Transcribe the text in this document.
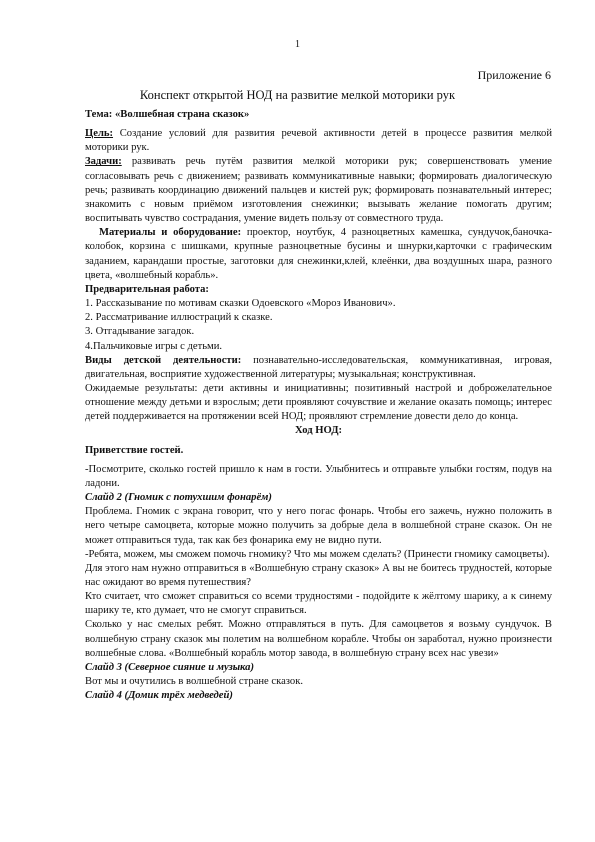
1
Приложение 6
Конспект открытой НОД на развитие мелкой моторики рук

Тема: «Волшебная страна сказок»

Цель: Создание условий для развития речевой активности детей в процессе развития мелкой моторики рук.

Задачи: развивать речь путём развития мелкой моторики рук; совершенствовать умение согласовывать речь с движением; развивать коммуникативные навыки; формировать диалогическую речь; развивать координацию движений пальцев и кистей рук; формировать познавательный интерес; знакомить с новым приёмом изготовления снежинки; вызывать желание помогать другим; воспитывать чувство сострадания, умение видеть пользу от совместного труда.

Материалы и оборудование: проектор, ноутбук, 4 разноцветных камешка, сундучок,баночка-колобок, корзина с шишками, крупные разноцветные бусины и шнурки,карточки с графическим заданием, карандаши простые, заготовки для снежинки,клей, клеёнки, два воздушных шара, разного цвета, «волшебный корабль».

Предварительная работа:

1. Рассказывание по мотивам сказки Одоевского «Мороз Иванович».

2. Рассматривание иллюстраций к сказке.

3. Отгадывание загадок.

4.Пальчиковые игры с детьми.

Виды детской деятельности: познавательно-исследовательская, коммуникативная, игровая, двигательная, восприятие художественной литературы; музыкальная; конструктивная.

Ожидаемые результаты: дети активны и инициативны; позитивный настрой и доброжелательное отношение между детьми и взрослым; дети проявляют сочувствие и желание оказать помощь; интерес детей поддерживается на протяжении всей НОД; проявляют стремление довести дело до конца.

Ход НОД:

Приветствие гостей.

-Посмотрите, сколько гостей пришло к нам в гости. Улыбнитесь и отправьте улыбки гостям, подув на ладони.

Слайд 2 (Гномик с потухшим фонарём)

Проблема. Гномик с экрана говорит, что у него погас фонарь. Чтобы его зажечь, нужно положить в него четыре самоцвета, которые можно получить за добрые дела в волшебной стране сказок. Он не может отправиться туда, так как без фонарика ему не видно пути.

-Ребята, можем, мы сможем помочь гномику? Что мы можем сделать? (Принести гномику самоцветы).

Для этого нам нужно отправиться в «Волшебную страну сказок» А вы не боитесь трудностей, которые нас ожидают во время путешествия?

Кто считает, что сможет справиться со всеми трудностями - подойдите к жёлтому шарику, а к синему шарику те, кто думает, что не смогут справиться.

Сколько у нас смелых ребят. Можно отправляться в путь. Для самоцветов я возьму сундучок. В волшебную страну сказок мы полетим на волшебном корабле. Чтобы он заработал, нужно произнести волшебные слова. «Волшебный корабль мотор завода, в волшебную страну всех нас увези»

Слайд 3 (Северное сияние и музыка)

Вот мы и очутились в волшебной стране сказок.

Слайд 4 (Домик трёх медведей)
